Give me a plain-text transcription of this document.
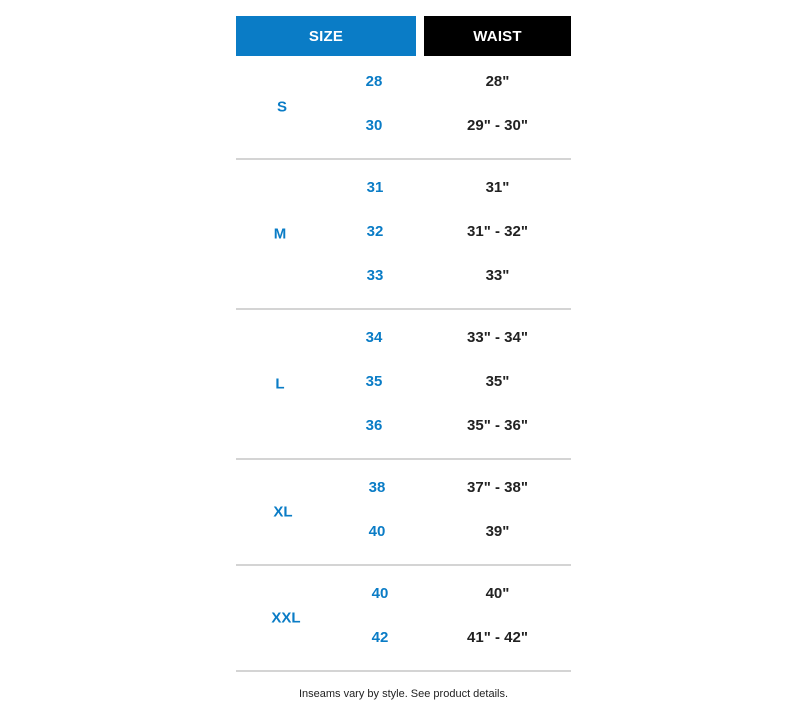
SIZE	WAIST
S
28	28"
30	29" - 30"
M
31	31"
32	31" - 32"
33	33"
L
34	33" - 34"
35	35"
36	35" - 36"
XL
38	37" - 38"
40	39"
XXL
40	40"
42	41" - 42"
Inseams vary by style. See product details.
